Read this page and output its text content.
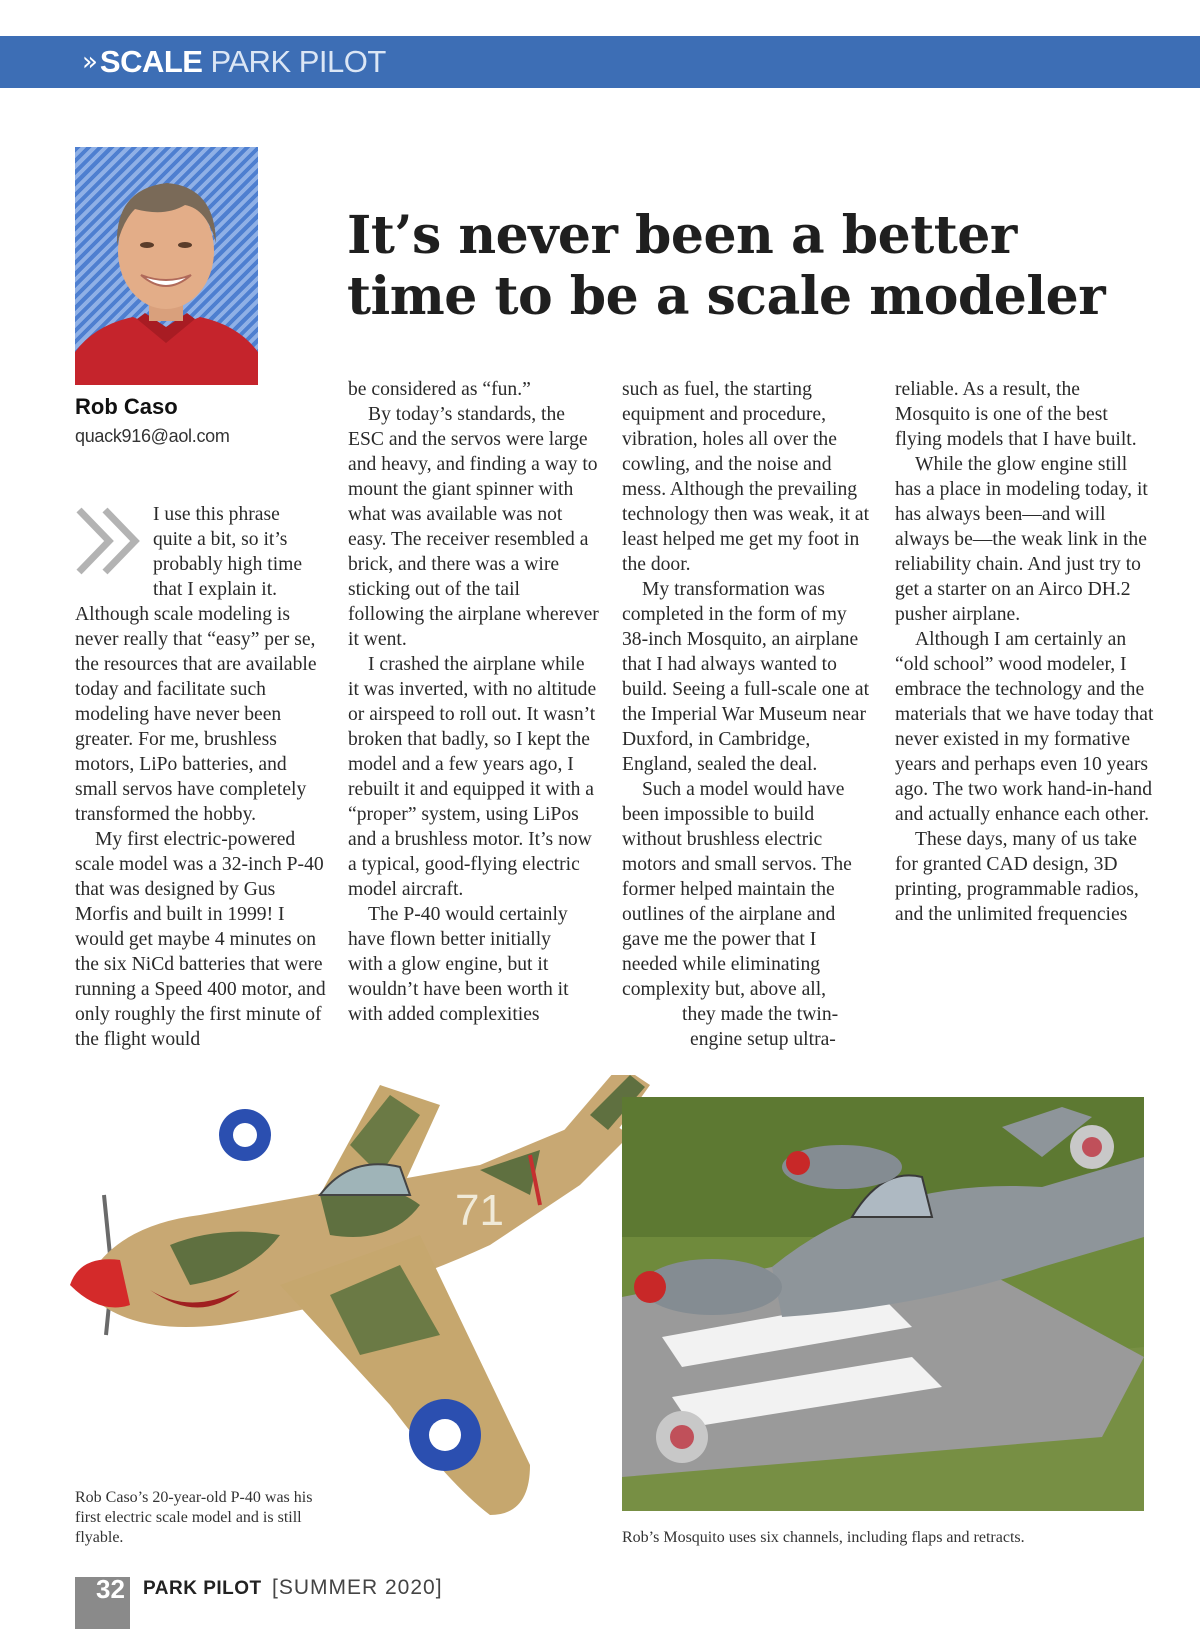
» SCALE PARK PILOT
Rob Caso
quack916@aol.com
It’s never been a better time to be a scale modeler

I use this phrase
quite a bit, so it’s
probably high time
that I explain it. Although scale modeling is never really that “easy” per se, the resources that are available today and facilitate such modeling have never been greater. For me, brushless motors, LiPo batteries, and small servos have completely transformed the hobby.

My first electric-powered scale model was a 32-inch P-40 that was designed by Gus Morfis and built in 1999! I would get maybe 4 minutes on the six NiCd batteries that were running a Speed 400 motor, and only roughly the first minute of the flight would

be considered as “fun.”

By today’s standards, the ESC and the servos were large and heavy, and finding a way to mount the giant spinner with what was available was not easy. The receiver resembled a brick, and there was a wire sticking out of the tail following the airplane wherever it went.

I crashed the airplane while it was inverted, with no altitude or airspeed to roll out. It wasn’t broken that badly, so I kept the model and a few years ago, I rebuilt it and equipped it with a “proper” system, using LiPos and a brushless motor. It’s now a typical, good-flying electric model aircraft.

The P-40 would certainly have flown better initially with a glow engine, but it wouldn’t have been worth it with added complexities

such as fuel, the starting equipment and procedure, vibration, holes all over the cowling, and the noise and mess. Although the prevailing technology then was weak, it at least helped me get my foot in the door.

My transformation was completed in the form of my 38-inch Mosquito, an airplane that I had always wanted to build. Seeing a full-scale one at the Imperial War Museum near Duxford, in Cambridge, England, sealed the deal.

Such a model would have been impossible to build without brushless electric motors and small servos. The former helped maintain the outlines of the airplane and gave me the power that I needed while eliminating complexity but, above all,

they made the twin-

engine setup ultra-

reliable. As a result, the Mosquito is one of the best flying models that I have built.

While the glow engine still has a place in modeling today, it has always been—and will always be—the weak link in the reliability chain. And just try to get a starter on an Airco DH.2 pusher airplane.

Although I am certainly an “old school” wood modeler, I embrace the technology and the materials that we have today that never existed in my formative years and perhaps even 10 years ago. The two work hand-in-hand and actually enhance each other.

These days, many of us take for granted CAD design, 3D printing, programmable radios, and the unlimited frequencies

71
Rob Caso’s 20-year-old P-40 was his first electric scale model and is still flyable.	Rob’s Mosquito uses six channels, including flaps and retracts.
32 PARK PILOT [SUMMER 2020]
